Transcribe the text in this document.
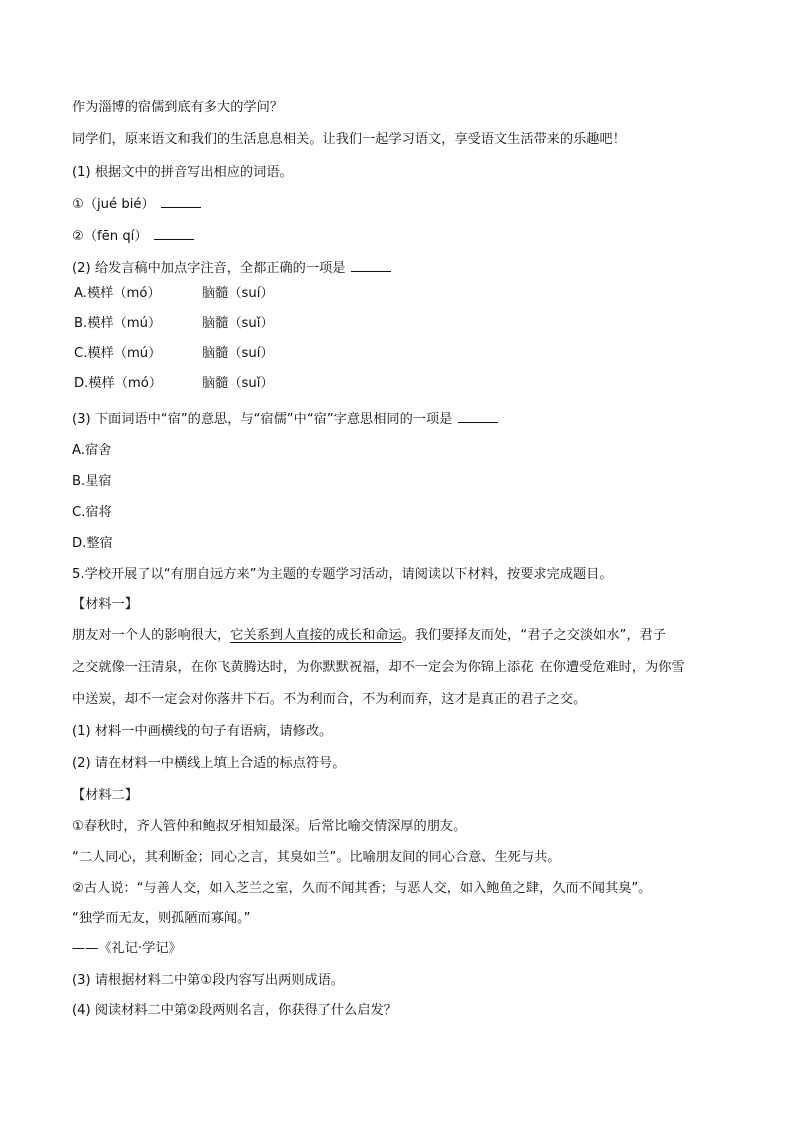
作为淄博的宿儒到底有多大的学问？
同学们，原来语文和我们的生活息息相关。让我们一起学习语文，享受语文生活带来的乐趣吧！
(1) 根据文中的拼音写出相应的词语。
①（jué bié）
②（fēn qí）
(2) 给发言稿中加点字注音，全都正确的一项是
A.模样（mó）	脑髓（suí）
B.模样（mú）	脑髓（suǐ）
C.模样（mú）	脑髓（suí）
D.模样（mó）	脑髓（suǐ）
(3) 下面词语中“宿”的意思，与“宿儒”中“宿”字意思相同的一项是
A.宿舍
B.星宿
C.宿将
D.整宿
5.学校开展了以“有朋自远方来”为主题的专题学习活动，请阅读以下材料，按要求完成题目。
【材料一】
朋友对一个人的影响很大，它关系到人直接的成长和命运。我们要择友而处，“君子之交淡如水”，君子
之交就像一汪清泉，在你飞黄腾达时，为你默默祝福，却不一定会为你锦上添花 在你遭受危难时，为你雪
中送炭，却不一定会对你落井下石。不为利而合，不为利而弃，这才是真正的君子之交。
(1) 材料一中画横线的句子有语病，请修改。
(2) 请在材料一中横线上填上合适的标点符号。
【材料二】
①春秋时，齐人管仲和鲍叔牙相知最深。后常比喻交情深厚的朋友。
“二人同心，其利断金；同心之言，其臭如兰”。比喻朋友间的同心合意、生死与共。
②古人说：“与善人交，如入芝兰之室，久而不闻其香；与恶人交，如入鲍鱼之肆，久而不闻其臭”。
“独学而无友，则孤陋而寡闻。”
——《礼记·学记》
(3) 请根据材料二中第①段内容写出两则成语。
(4) 阅读材料二中第②段两则名言，你获得了什么启发？
